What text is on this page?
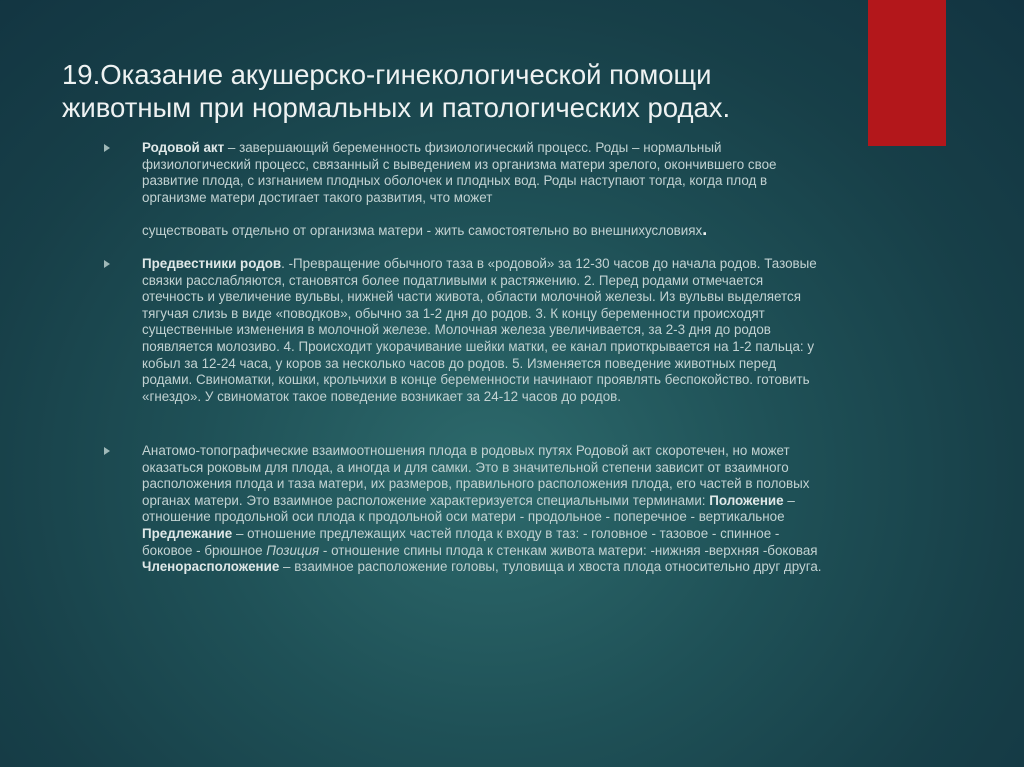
19.Оказание акушерско-гинекологической помощи
животным при нормальных и патологических родах.
Родовой акт – завершающий беременность физиологический процесс. Роды – нормальный физиологический процесс, связанный с выведением из организма матери зрелого, окончившего свое развитие плода, с изгнанием плодных оболочек и плодных вод. Роды наступают тогда, когда плод в организме матери достигает такого развития, что может
существовать отдельно от организма матери - жить самостоятельно во внешнихусловиях.
Предвестники родов. -Превращение обычного таза в «родовой» за 12-30 часов до начала родов. Тазовые связки расслабляются, становятся более податливыми к растяжению. 2. Перед родами отмечается отечность и увеличение вульвы, нижней части живота, области молочной железы. Из вульвы выделяется тягучая слизь в виде «поводков», обычно за 1-2 дня до родов. 3. К концу беременности происходят существенные изменения в молочной железе. Молочная железа увеличивается, за 2-3 дня до родов появляется молозиво. 4. Происходит укорачивание шейки матки, ее канал приоткрывается на 1-2 пальца: у кобыл за 12-24 часа, у коров за несколько часов до родов. 5. Изменяется поведение животных перед родами. Свиноматки, кошки, крольчихи в конце беременности начинают проявлять беспокойство. готовить «гнездо». У свиноматок такое поведение возникает за 24-12 часов до родов.
Анатомо-топографические взаимоотношения плода в родовых путях Родовой акт скоротечен, но может оказаться роковым для плода, а иногда и для самки. Это в значительной степени зависит от взаимного расположения плода и таза матери, их размеров, правильного расположения плода, его частей в половых органах матери. Это взаимное расположение характеризуется специальными терминами: Положение – отношение продольной оси плода к продольной оси матери - продольное - поперечное - вертикальное Предлежание – отношение предлежащих частей плода к входу в таз: - головное - тазовое - спинное - боковое - брюшное Позиция - отношение спины плода к стенкам живота матери: -нижняя -верхняя -боковая Членорасположение – взаимное расположение головы, туловища и хвоста плода относительно друг друга.
